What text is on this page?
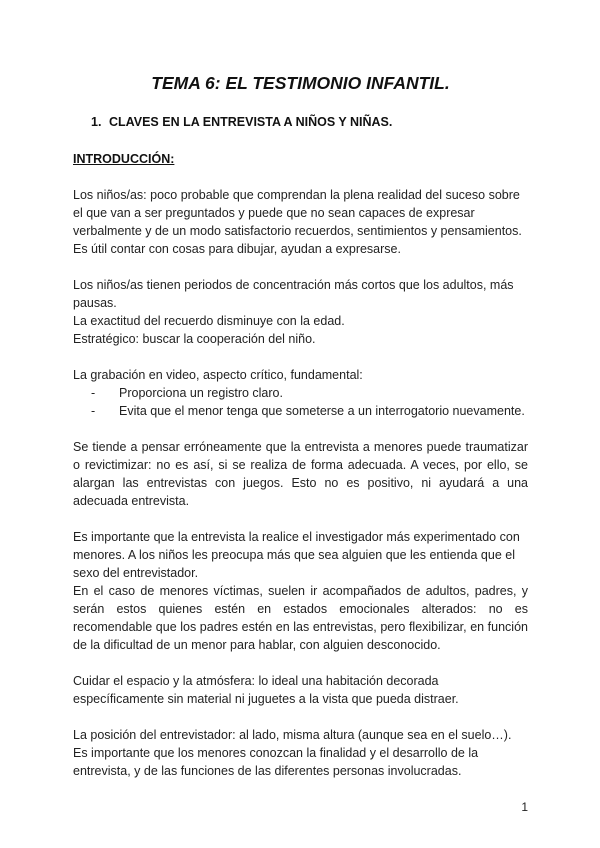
TEMA 6: EL TESTIMONIO INFANTIL.
1. CLAVES EN LA ENTREVISTA A NIÑOS Y NIÑAS.
INTRODUCCIÓN:

Los niños/as: poco probable que comprendan la plena realidad del suceso sobre el que van a ser preguntados y puede que no sean capaces de expresar verbalmente y de un modo satisfactorio recuerdos, sentimientos y pensamientos. Es útil contar con cosas para dibujar, ayudan a expresarse.

Los niños/as tienen periodos de concentración más cortos que los adultos, más pausas.

La exactitud del recuerdo disminuye con la edad.

Estratégico: buscar la cooperación del niño.

La grabación en video, aspecto crítico, fundamental:

- Proporciona un registro claro.
- Evita que el menor tenga que someterse a un interrogatorio nuevamente.

Se tiende a pensar erróneamente que la entrevista a menores puede traumatizar o revictimizar: no es así, si se realiza de forma adecuada. A veces, por ello, se alargan las entrevistas con juegos. Esto no es positivo, ni ayudará a una adecuada entrevista.

Es importante que la entrevista la realice el investigador más experimentado con menores. A los niños les preocupa más que sea alguien que les entienda que el sexo del entrevistador.

En el caso de menores víctimas, suelen ir acompañados de adultos, padres, y serán estos quienes estén en estados emocionales alterados: no es recomendable que los padres estén en las entrevistas, pero flexibilizar, en función de la dificultad de un menor para hablar, con alguien desconocido.

Cuidar el espacio y la atmósfera: lo ideal una habitación decorada específicamente sin material ni juguetes a la vista que pueda distraer.

La posición del entrevistador: al lado, misma altura (aunque sea en el suelo…).

Es importante que los menores conozcan la finalidad y el desarrollo de la entrevista, y de las funciones de las diferentes personas involucradas.

1
